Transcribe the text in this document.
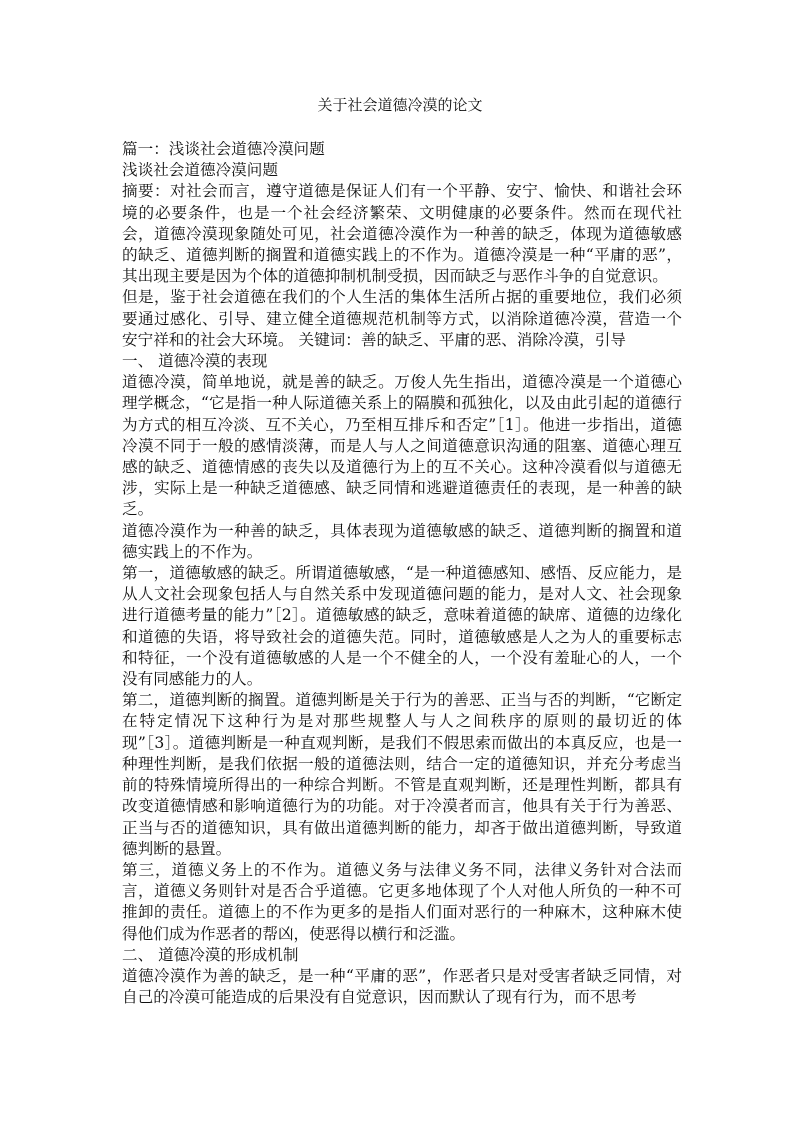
关于社会道德冷漠的论文

篇一：浅谈社会道德冷漠问题

浅谈社会道德冷漠问题

摘要：对社会而言，遵守道德是保证人们有一个平静、安宁、愉快、和谐社会环境的必要条件，也是一个社会经济繁荣、文明健康的必要条件。然而在现代社会，道德冷漠现象随处可见，社会道德冷漠作为一种善的缺乏，体现为道德敏感的缺乏、道德判断的搁置和道德实践上的不作为。道德冷漠是一种“平庸的恶”，其出现主要是因为个体的道德抑制机制受损，因而缺乏与恶作斗争的自觉意识。

但是，鉴于社会道德在我们的个人生活的集体生活所占据的重要地位，我们必须要通过感化、引导、建立健全道德规范机制等方式，以消除道德冷漠，营造一个安宁祥和的社会大环境。 关键词：善的缺乏、平庸的恶、消除冷漠，引导

一、 道德冷漠的表现

道德冷漠，简单地说，就是善的缺乏。万俊人先生指出，道德冷漠是一个道德心理学概念，“它是指一种人际道德关系上的隔膜和孤独化，以及由此引起的道德行为方式的相互冷淡、互不关心，乃至相互排斥和否定”［1］。他进一步指出，道德冷漠不同于一般的感情淡薄，而是人与人之间道德意识沟通的阻塞、道德心理互感的缺乏、道德情感的丧失以及道德行为上的互不关心。这种冷漠看似与道德无涉，实际上是一种缺乏道德感、缺乏同情和逃避道德责任的表现，是一种善的缺乏。

道德冷漠作为一种善的缺乏，具体表现为道德敏感的缺乏、道德判断的搁置和道德实践上的不作为。

第一，道德敏感的缺乏。所谓道德敏感，“是一种道德感知、感悟、反应能力，是从人文社会现象包括人与自然关系中发现道德问题的能力，是对人文、社会现象进行道德考量的能力”［2］。道德敏感的缺乏，意味着道德的缺席、道德的边缘化和道德的失语，将导致社会的道德失范。同时，道德敏感是人之为人的重要标志和特征，一个没有道德敏感的人是一个不健全的人，一个没有羞耻心的人，一个没有同感能力的人。

第二，道德判断的搁置。道德判断是关于行为的善恶、正当与否的判断，“它断定在特定情况下这种行为是对那些规整人与人之间秩序的原则的最切近的体现”［3］。道德判断是一种直观判断，是我们不假思索而做出的本真反应，也是一种理性判断，是我们依据一般的道德法则，结合一定的道德知识，并充分考虑当前的特殊情境所得出的一种综合判断。不管是直观判断，还是理性判断，都具有改变道德情感和影响道德行为的功能。对于冷漠者而言，他具有关于行为善恶、正当与否的道德知识，具有做出道德判断的能力，却吝于做出道德判断，导致道德判断的悬置。

第三，道德义务上的不作为。道德义务与法律义务不同，法律义务针对合法而言，道德义务则针对是否合乎道德。它更多地体现了个人对他人所负的一种不可推卸的责任。道德上的不作为更多的是指人们面对恶行的一种麻木，这种麻木使得他们成为作恶者的帮凶，使恶得以横行和泛滥。

二、 道德冷漠的形成机制

道德冷漠作为善的缺乏，是一种“平庸的恶”，作恶者只是对受害者缺乏同情，对自己的冷漠可能造成的后果没有自觉意识，因而默认了现有行为，而不思考
